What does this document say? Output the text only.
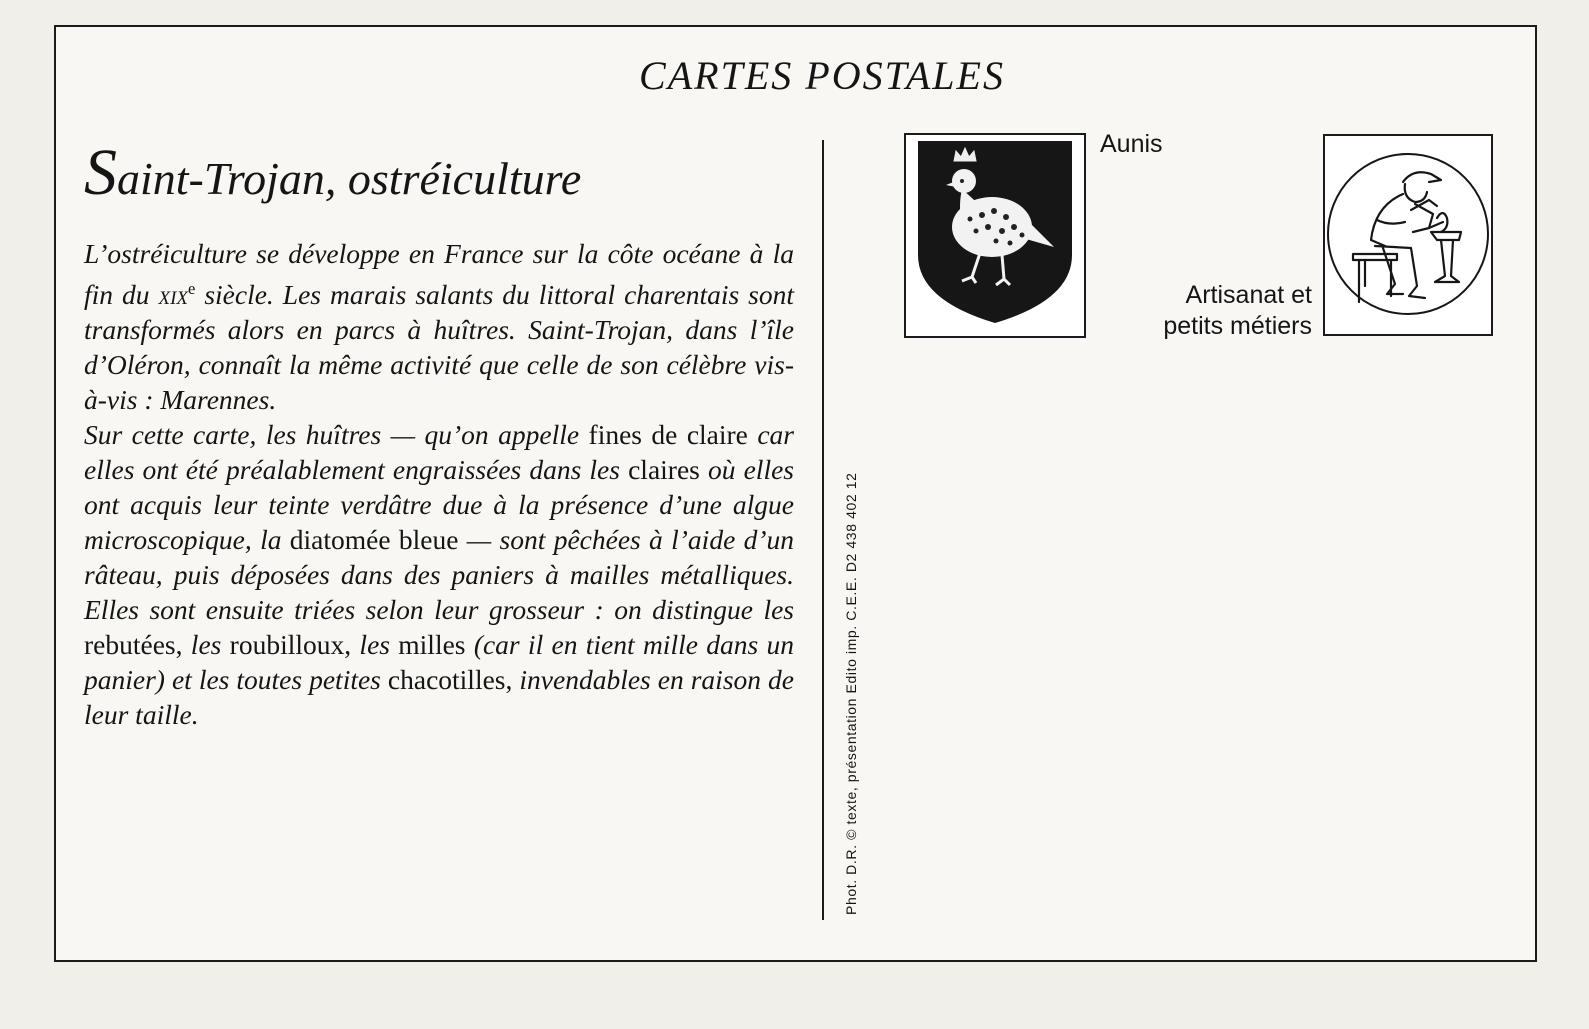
CARTES POSTALES
Saint-Trojan, ostréiculture

L’ostréiculture se développe en France sur la côte océane à la fin du xix$^e$ siècle. Les marais salants du littoral charentais sont transformés alors en parcs à huîtres. Saint-Trojan, dans l’île d’Oléron, connaît la même activité que celle de son célèbre vis-à-vis : Marennes.

Sur cette carte, les huîtres — qu’on appelle fines de claire car elles ont été préalablement engraissées dans les claires où elles ont acquis leur teinte verdâtre due à la présence d’une algue microscopique, la diatomée bleue — sont pêchées à l’aide d’un râteau, puis déposées dans des paniers à mailles métalliques. Elles sont ensuite triées selon leur grosseur : on distingue les rebutées, les roubilloux, les milles (car il en tient mille dans un panier) et les toutes petites chacotilles, invendables en raison de leur taille.	Phot. D.R. © texte, présentation Edito imp. C.E.E. D2 438 402 12
Aunis
Artisanat et
petits métiers
